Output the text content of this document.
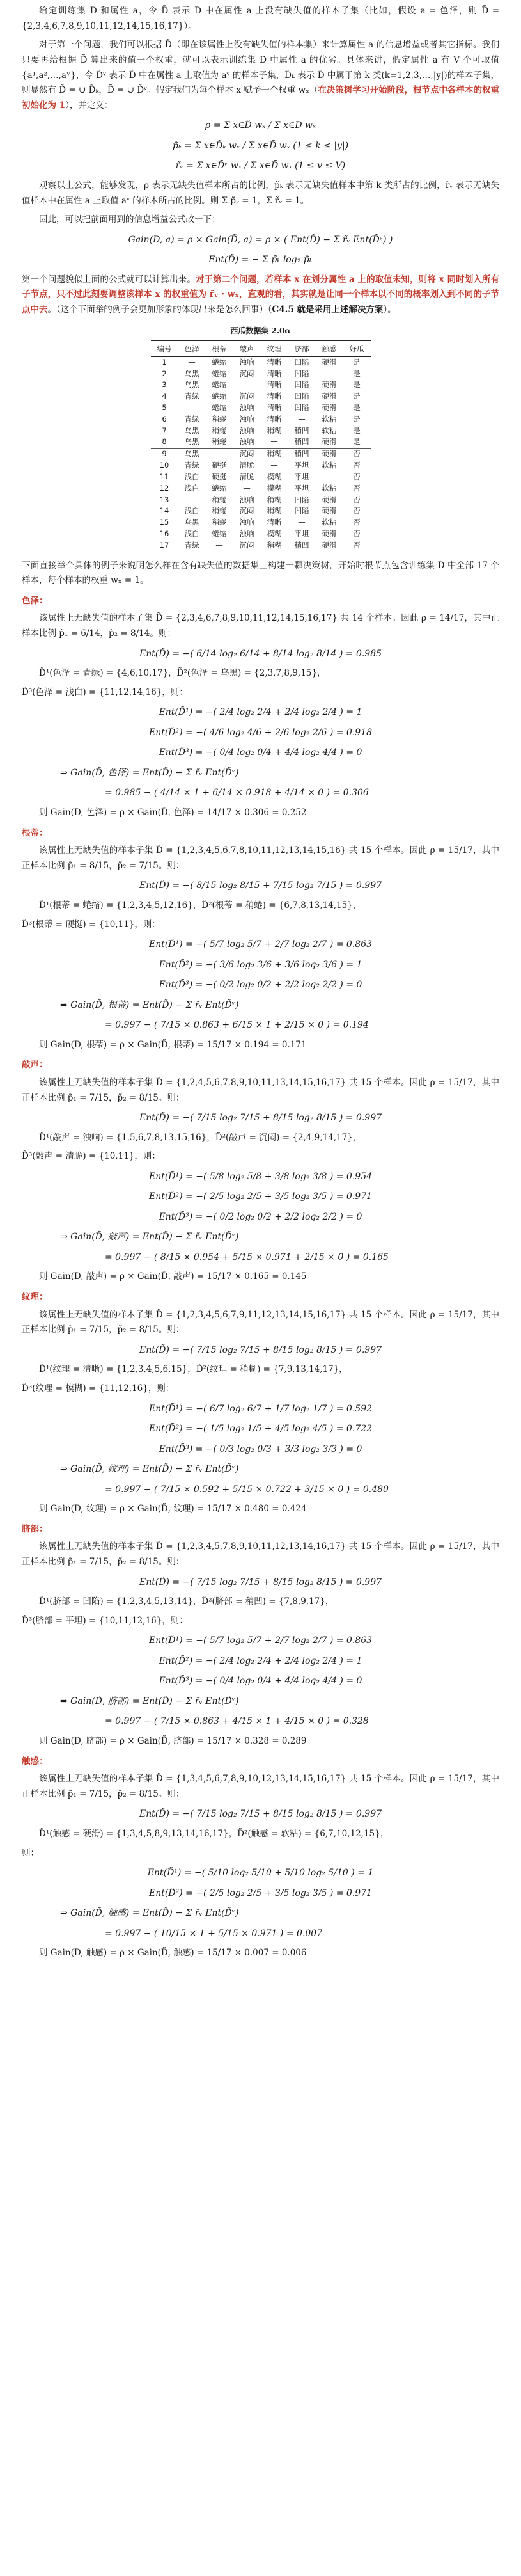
给定训练集 D 和属性 a，令 D̃ 表示 D 中在属性 a 上没有缺失值的样本子集（比如，假设 a = 色泽，则 D̃ = {2,3,4,6,7,8,9,10,11,12,14,15,16,17}）。

对于第一个问题，我们可以根据 D̃（即在该属性上没有缺失值的样本集）来计算属性 a 的信息增益或者其它指标。我们只要再给根据 D̃ 算出来的值一个权重，就可以表示训练集 D 中属性 a 的优劣。具体来讲，假定属性 a 有 V 个可取值{a¹,a²,…,aⱽ}，令 D̃ᵛ 表示 D̃ 中在属性 a 上取值为 aᵛ 的样本子集，D̃ₖ 表示 D̃ 中属于第 k 类(k=1,2,3,…,|y|)的样本子集，则显然有 D̃ = ∪ D̃ₖ，D̃ = ∪ D̃ᵛ。假定我们为每个样本 x 赋予一个权重 wₓ（在决策树学习开始阶段，根节点中各样本的权重初始化为 1），并定义：

ρ = Σ x∈D̃ wₓ / Σ x∈D wₓ
p̃ₖ = Σ x∈D̃ₖ wₓ / Σ x∈D̃ wₓ (1 ≤ k ≤ |y|)
r̃ᵥ = Σ x∈D̃ᵛ wₓ / Σ x∈D̃ wₓ (1 ≤ v ≤ V)

观察以上公式，能够发现，ρ 表示无缺失值样本所占的比例，p̃ₖ 表示无缺失值样本中第 k 类所占的比例，r̃ᵥ 表示无缺失值样本中在属性 a 上取值 aᵛ 的样本所占的比例。则 Σ p̃ₖ = 1，Σ r̃ᵥ = 1。

因此，可以把前面用到的信息增益公式改一下：

Gain(D, a) = ρ × Gain(D̃, a) = ρ × ( Ent(D̃) − Σ r̃ᵥ Ent(D̃ᵛ) )
Ent(D̃) = − Σ p̃ₖ log₂ p̃ₖ

第一个问题貌似上面的公式就可以计算出来。对于第二个问题，若样本 x 在划分属性 a 上的取值未知，则将 x 同时划入所有子节点，只不过此刻要调整该样本 x 的权重值为 r̃ᵥ · wₓ，直观的看，其实就是让同一个样本以不同的概率划入到不同的子节点中去。（这个下面举的例子会更加形象的体现出来是怎么回事）（C4.5 就是采用上述解决方案）。

西瓜数据集 2.0α
编号	色泽	根蒂	敲声	纹理	脐部	触感	好瓜
1	—	蜷缩	浊响	清晰	凹陷	硬滑	是
2	乌黑	蜷缩	沉闷	清晰	凹陷	—	是
3	乌黑	蜷缩	—	清晰	凹陷	硬滑	是
4	青绿	蜷缩	沉闷	清晰	凹陷	硬滑	是
5	—	蜷缩	浊响	清晰	凹陷	硬滑	是
6	青绿	稍蜷	浊响	清晰	—	软粘	是
7	乌黑	稍蜷	浊响	稍糊	稍凹	软粘	是
8	乌黑	稍蜷	浊响	—	稍凹	硬滑	是
9	乌黑	—	沉闷	稍糊	稍凹	硬滑	否
10	青绿	硬挺	清脆	—	平坦	软粘	否
11	浅白	硬挺	清脆	模糊	平坦	—	否
12	浅白	蜷缩	—	模糊	平坦	软粘	否
13	—	稍蜷	浊响	稍糊	凹陷	硬滑	否
14	浅白	稍蜷	沉闷	稍糊	凹陷	硬滑	否
15	乌黑	稍蜷	浊响	清晰	—	软粘	否
16	浅白	蜷缩	浊响	模糊	平坦	硬滑	否
17	青绿	—	沉闷	稍糊	稍凹	硬滑	否

下面直接举个具体的例子来说明怎么样在含有缺失值的数据集上构建一颗决策树，开始时根节点包含训练集 D 中全部 17 个样本，每个样本的权重 wₓ = 1。

色泽：

该属性上无缺失值的样本子集 D̃ = {2,3,4,6,7,8,9,10,11,12,14,15,16,17} 共 14 个样本。因此 ρ = 14/17，其中正样本比例 p̃₁ = 6/14，p̃₂ = 8/14。则：

Ent(D̃) = −( 6/14 log₂ 6/14 + 8/14 log₂ 8/14 ) = 0.985

D̃¹(色泽 = 青绿) = {4,6,10,17}，D̃²(色泽 = 乌黑) = {2,3,7,8,9,15}，

D̃³(色泽 = 浅白) = {11,12,14,16}，则：

Ent(D̃¹) = −( 2/4 log₂ 2/4 + 2/4 log₂ 2/4 ) = 1
Ent(D̃²) = −( 4/6 log₂ 4/6 + 2/6 log₂ 2/6 ) = 0.918
Ent(D̃³) = −( 0/4 log₂ 0/4 + 4/4 log₂ 4/4 ) = 0
⇒ Gain(D̃, 色泽) = Ent(D̃) − Σ r̃ᵥ Ent(D̃ᵛ)
= 0.985 − ( 4/14 × 1 + 6/14 × 0.918 + 4/14 × 0 ) = 0.306

则 Gain(D, 色泽) = ρ × Gain(D̃, 色泽) = 14/17 × 0.306 = 0.252

根蒂：

该属性上无缺失值的样本子集 D̃ = {1,2,3,4,5,6,7,8,10,11,12,13,14,15,16} 共 15 个样本。因此 ρ = 15/17，其中正样本比例 p̃₁ = 8/15，p̃₂ = 7/15。则：

Ent(D̃) = −( 8/15 log₂ 8/15 + 7/15 log₂ 7/15 ) = 0.997

D̃¹(根蒂 = 蜷缩) = {1,2,3,4,5,12,16}，D̃²(根蒂 = 稍蜷) = {6,7,8,13,14,15}，

D̃³(根蒂 = 硬挺) = {10,11}，则：

Ent(D̃¹) = −( 5/7 log₂ 5/7 + 2/7 log₂ 2/7 ) = 0.863
Ent(D̃²) = −( 3/6 log₂ 3/6 + 3/6 log₂ 3/6 ) = 1
Ent(D̃³) = −( 0/2 log₂ 0/2 + 2/2 log₂ 2/2 ) = 0
⇒ Gain(D̃, 根蒂) = Ent(D̃) − Σ r̃ᵥ Ent(D̃ᵛ)
= 0.997 − ( 7/15 × 0.863 + 6/15 × 1 + 2/15 × 0 ) = 0.194

则 Gain(D, 根蒂) = ρ × Gain(D̃, 根蒂) = 15/17 × 0.194 = 0.171

敲声：

该属性上无缺失值的样本子集 D̃ = {1,2,4,5,6,7,8,9,10,11,13,14,15,16,17} 共 15 个样本。因此 ρ = 15/17，其中正样本比例 p̃₁ = 7/15，p̃₂ = 8/15。则：

Ent(D̃) = −( 7/15 log₂ 7/15 + 8/15 log₂ 8/15 ) = 0.997

D̃¹(敲声 = 浊响) = {1,5,6,7,8,13,15,16}，D̃²(敲声 = 沉闷) = {2,4,9,14,17}，

D̃³(敲声 = 清脆) = {10,11}，则：

Ent(D̃¹) = −( 5/8 log₂ 5/8 + 3/8 log₂ 3/8 ) = 0.954
Ent(D̃²) = −( 2/5 log₂ 2/5 + 3/5 log₂ 3/5 ) = 0.971
Ent(D̃³) = −( 0/2 log₂ 0/2 + 2/2 log₂ 2/2 ) = 0
⇒ Gain(D̃, 敲声) = Ent(D̃) − Σ r̃ᵥ Ent(D̃ᵛ)
= 0.997 − ( 8/15 × 0.954 + 5/15 × 0.971 + 2/15 × 0 ) = 0.165

则 Gain(D, 敲声) = ρ × Gain(D̃, 敲声) = 15/17 × 0.165 = 0.145

纹理：

该属性上无缺失值的样本子集 D̃ = {1,2,3,4,5,6,7,9,11,12,13,14,15,16,17} 共 15 个样本。因此 ρ = 15/17，其中正样本比例 p̃₁ = 7/15，p̃₂ = 8/15。则：

Ent(D̃) = −( 7/15 log₂ 7/15 + 8/15 log₂ 8/15 ) = 0.997

D̃¹(纹理 = 清晰) = {1,2,3,4,5,6,15}，D̃²(纹理 = 稍糊) = {7,9,13,14,17}，

D̃³(纹理 = 模糊) = {11,12,16}，则：

Ent(D̃¹) = −( 6/7 log₂ 6/7 + 1/7 log₂ 1/7 ) = 0.592
Ent(D̃²) = −( 1/5 log₂ 1/5 + 4/5 log₂ 4/5 ) = 0.722
Ent(D̃³) = −( 0/3 log₂ 0/3 + 3/3 log₂ 3/3 ) = 0
⇒ Gain(D̃, 纹理) = Ent(D̃) − Σ r̃ᵥ Ent(D̃ᵛ)
= 0.997 − ( 7/15 × 0.592 + 5/15 × 0.722 + 3/15 × 0 ) = 0.480

则 Gain(D, 纹理) = ρ × Gain(D̃, 纹理) = 15/17 × 0.480 = 0.424

脐部：

该属性上无缺失值的样本子集 D̃ = {1,2,3,4,5,7,8,9,10,11,12,13,14,16,17} 共 15 个样本。因此 ρ = 15/17，其中正样本比例 p̃₁ = 7/15，p̃₂ = 8/15。则：

Ent(D̃) = −( 7/15 log₂ 7/15 + 8/15 log₂ 8/15 ) = 0.997

D̃¹(脐部 = 凹陷) = {1,2,3,4,5,13,14}，D̃²(脐部 = 稍凹) = {7,8,9,17}，

D̃³(脐部 = 平坦) = {10,11,12,16}，则：

Ent(D̃¹) = −( 5/7 log₂ 5/7 + 2/7 log₂ 2/7 ) = 0.863
Ent(D̃²) = −( 2/4 log₂ 2/4 + 2/4 log₂ 2/4 ) = 1
Ent(D̃³) = −( 0/4 log₂ 0/4 + 4/4 log₂ 4/4 ) = 0
⇒ Gain(D̃, 脐部) = Ent(D̃) − Σ r̃ᵥ Ent(D̃ᵛ)
= 0.997 − ( 7/15 × 0.863 + 4/15 × 1 + 4/15 × 0 ) = 0.328

则 Gain(D, 脐部) = ρ × Gain(D̃, 脐部) = 15/17 × 0.328 = 0.289

触感：

该属性上无缺失值的样本子集 D̃ = {1,3,4,5,6,7,8,9,10,12,13,14,15,16,17} 共 15 个样本。因此 ρ = 15/17，其中正样本比例 p̃₁ = 7/15，p̃₂ = 8/15。则：

Ent(D̃) = −( 7/15 log₂ 7/15 + 8/15 log₂ 8/15 ) = 0.997

D̃¹(触感 = 硬滑) = {1,3,4,5,8,9,13,14,16,17}，D̃²(触感 = 软粘) = {6,7,10,12,15}，

则：

Ent(D̃¹) = −( 5/10 log₂ 5/10 + 5/10 log₂ 5/10 ) = 1
Ent(D̃²) = −( 2/5 log₂ 2/5 + 3/5 log₂ 3/5 ) = 0.971
⇒ Gain(D̃, 触感) = Ent(D̃) − Σ r̃ᵥ Ent(D̃ᵛ)
= 0.997 − ( 10/15 × 1 + 5/15 × 0.971 ) = 0.007

则 Gain(D, 触感) = ρ × Gain(D̃, 触感) = 15/17 × 0.007 = 0.006
